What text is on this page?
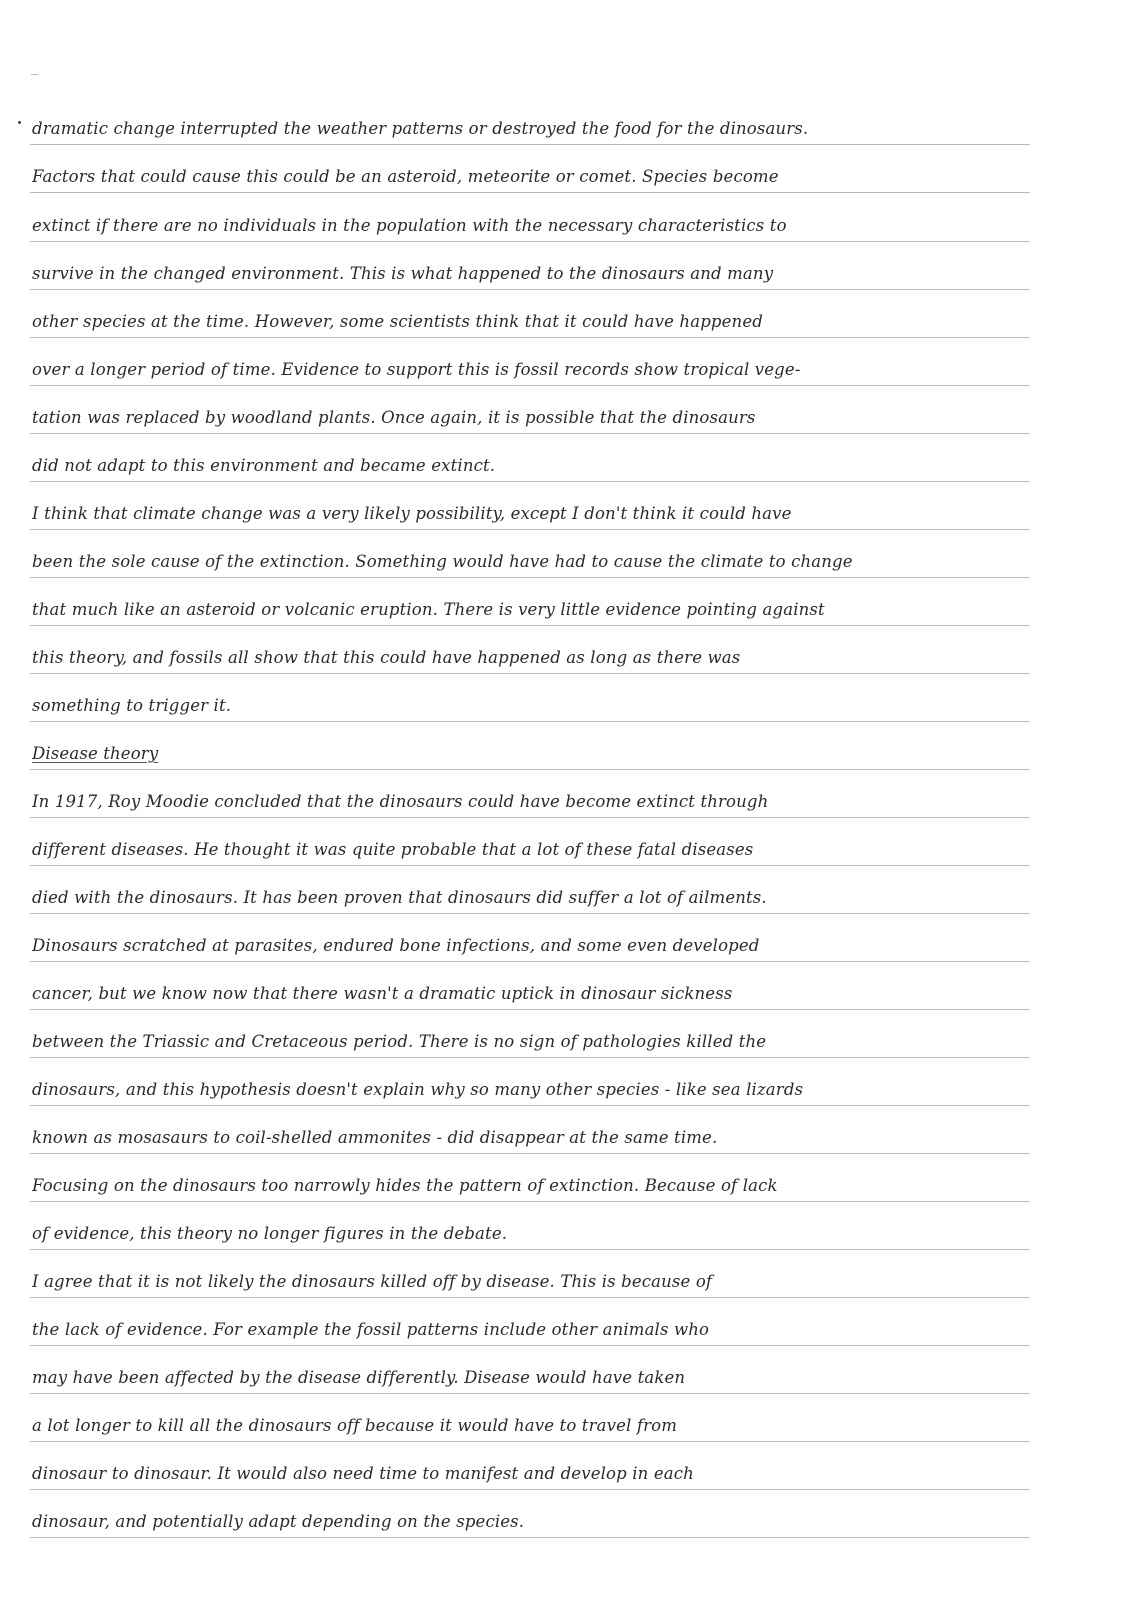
dramatic change interrupted the weather patterns or destroyed the food for the dinosaurs.
Factors that could cause this could be an asteroid, meteorite or comet. Species become
extinct if there are no individuals in the population with the necessary characteristics to
survive in the changed environment. This is what happened to the dinosaurs and many
other species at the time. However, some scientists think that it could have happened
over a longer period of time. Evidence to support this is fossil records show tropical vege-
tation was replaced by woodland plants. Once again, it is possible that the dinosaurs
did not adapt to this environment and became extinct.
I think that climate change was a very likely possibility, except I don't think it could have
been the sole cause of the extinction. Something would have had to cause the climate to change
that much like an asteroid or volcanic eruption. There is very little evidence pointing against
this theory, and fossils all show that this could have happened as long as there was
something to trigger it.
Disease theory
In 1917, Roy Moodie concluded that the dinosaurs could have become extinct through
different diseases. He thought it was quite probable that a lot of these fatal diseases
died with the dinosaurs. It has been proven that dinosaurs did suffer a lot of ailments.
Dinosaurs scratched at parasites, endured bone infections, and some even developed
cancer, but we know now that there wasn't a dramatic uptick in dinosaur sickness
between the Triassic and Cretaceous period. There is no sign of pathologies killed the
dinosaurs, and this hypothesis doesn't explain why so many other species - like sea lizards
known as mosasaurs to coil-shelled ammonites - did disappear at the same time.
Focusing on the dinosaurs too narrowly hides the pattern of extinction. Because of lack
of evidence, this theory no longer figures in the debate.
I agree that it is not likely the dinosaurs killed off by disease. This is because of
the lack of evidence. For example the fossil patterns include other animals who
may have been affected by the disease differently. Disease would have taken
a lot longer to kill all the dinosaurs off because it would have to travel from
dinosaur to dinosaur. It would also need time to manifest and develop in each
dinosaur, and potentially adapt depending on the species.
